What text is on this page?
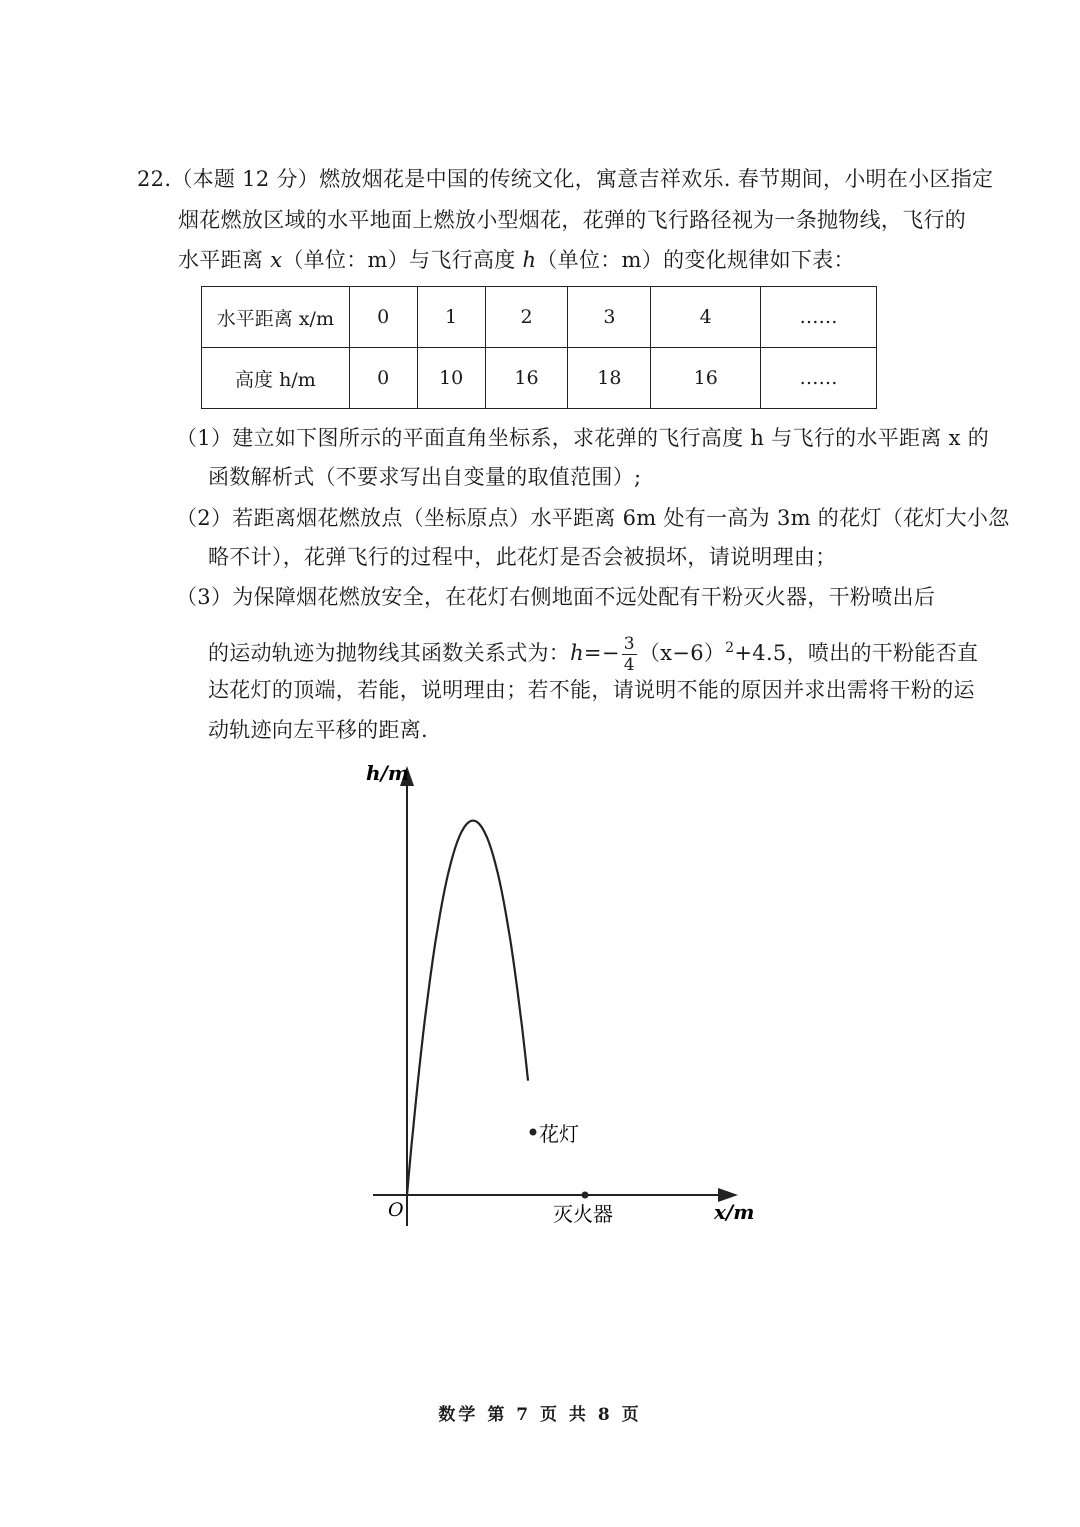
22.（本题 12 分）燃放烟花是中国的传统文化，寓意吉祥欢乐. 春节期间，小明在小区指定
烟花燃放区域的水平地面上燃放小型烟花，花弹的飞行路径视为一条抛物线，飞行的
水平距离 x（单位：m）与飞行高度 h（单位：m）的变化规律如下表：
水平距离 x/m	0	1	2	3	4	……
高度 h/m	0	10	16	18	16	……
（1）建立如下图所示的平面直角坐标系，求花弹的飞行高度 h 与飞行的水平距离 x 的
函数解析式（不要求写出自变量的取值范围）;
（2）若距离烟花燃放点（坐标原点）水平距离 6m 处有一高为 3m 的花灯（花灯大小忽
略不计），花弹飞行的过程中，此花灯是否会被损坏，请说明理由；
（3）为保障烟花燃放安全，在花灯右侧地面不远处配有干粉灭火器，干粉喷出后
的运动轨迹为抛物线其函数关系式为：$h=- \frac{3}{4} (x-6)^2+4.5$，喷出的干粉能否直
达花灯的顶端，若能，说明理由；若不能，请说明不能的原因并求出需将干粉的运
动轨迹向左平移的距离.
h/m
x/m
O
花灯
灭火器
数学 第 7 页 共 8 页
